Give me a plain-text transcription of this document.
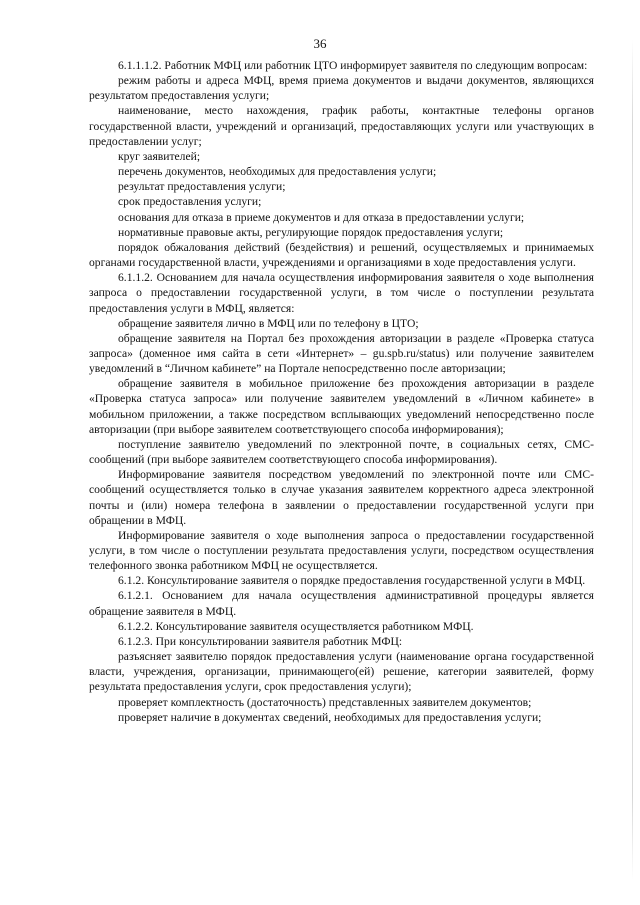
36

6.1.1.1.2. Работник МФЦ или работник ЦТО информирует заявителя по следующим вопросам:

режим работы и адреса МФЦ, время приема документов и выдачи документов, являющихся результатом предоставления услуги;

наименование, место нахождения, график работы, контактные телефоны органов государственной власти, учреждений и организаций, предоставляющих услуги или участвующих в предоставлении услуг;

круг заявителей;

перечень документов, необходимых для предоставления услуги;

результат предоставления услуги;

срок предоставления услуги;

основания для отказа в приеме документов и для отказа в предоставлении услуги;

нормативные правовые акты, регулирующие порядок предоставления услуги;

порядок обжалования действий (бездействия) и решений, осуществляемых и принимаемых органами государственной власти, учреждениями и организациями в ходе предоставления услуги.

6.1.1.2. Основанием для начала осуществления информирования заявителя о ходе выполнения запроса о предоставлении государственной услуги, в том числе о поступлении результата предоставления услуги в МФЦ, является:

обращение заявителя лично в МФЦ или по телефону в ЦТО;

обращение заявителя на Портал без прохождения авторизации в разделе «Проверка статуса запроса» (доменное имя сайта в сети «Интернет» – gu.spb.ru/status) или получение заявителем уведомлений в “Личном кабинете” на Портале непосредственно после авторизации;

обращение заявителя в мобильное приложение без прохождения авторизации в разделе «Проверка статуса запроса» или получение заявителем уведомлений в «Личном кабинете» в мобильном приложении, а также посредством всплывающих уведомлений непосредственно после авторизации (при выборе заявителем соответствующего способа информирования);

поступление заявителю уведомлений по электронной почте, в социальных сетях, СМС-сообщений (при выборе заявителем соответствующего способа информирования).

Информирование заявителя посредством уведомлений по электронной почте или СМС-сообщений осуществляется только в случае указания заявителем корректного адреса электронной почты и (или) номера телефона в заявлении о предоставлении государственной услуги при обращении в МФЦ.

Информирование заявителя о ходе выполнения запроса о предоставлении государственной услуги, в том числе о поступлении результата предоставления услуги, посредством осуществления телефонного звонка работником МФЦ не осуществляется.

6.1.2. Консультирование заявителя о порядке предоставления государственной услуги в МФЦ.

6.1.2.1. Основанием для начала осуществления административной процедуры является обращение заявителя в МФЦ.

6.1.2.2. Консультирование заявителя осуществляется работником МФЦ.

6.1.2.3. При консультировании заявителя работник МФЦ:

разъясняет заявителю порядок предоставления услуги (наименование органа государственной власти, учреждения, организации, принимающего(ей) решение, категории заявителей, форму результата предоставления услуги, срок предоставления услуги);

проверяет комплектность (достаточность) представленных заявителем документов;

проверяет наличие в документах сведений, необходимых для предоставления услуги;
